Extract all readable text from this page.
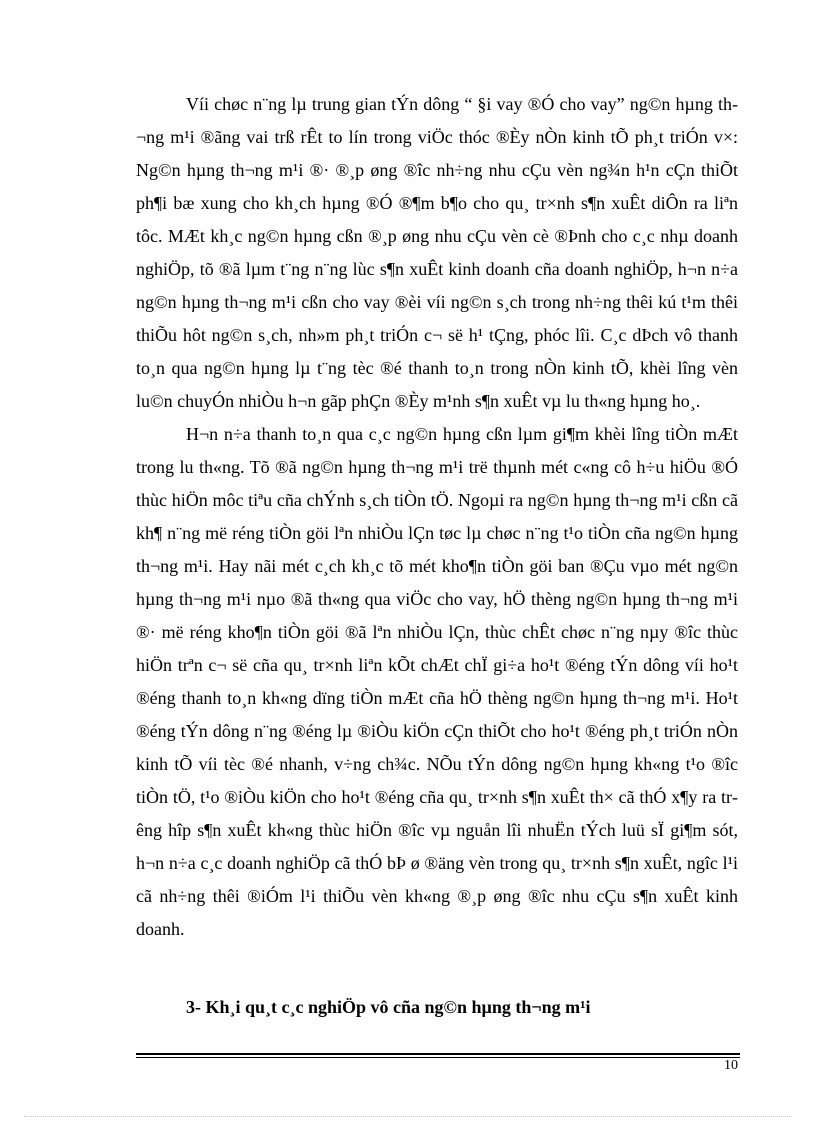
Víi chøc n¨ng lµ trung gian tÝn dông “ §i vay ®Ó cho vay” ng©n hµng th¬ng m¹i ®ãng vai trß rÊt to lín trong viÖc thóc ®Èy nÒn kinh tÕ ph¸t triÓn v×: Ng©n hµng th¬ng m¹i ®· ®¸p øng ®îc nh÷ng nhu cÇu vèn ng¾n h¹n cÇn thiÕt ph¶i bæ xung cho kh¸ch hµng ®Ó ®¶m b¶o cho qu¸ tr×nh s¶n xuÊt diÔn ra liªn tôc. MÆt kh¸c ng©n hµng cßn ®¸p øng nhu cÇu vèn cè ®Þnh cho c¸c nhµ doanh nghiÖp, tõ ®ã lµm t¨ng n¨ng lùc s¶n xuÊt kinh doanh cña doanh nghiÖp, h¬n n÷a ng©n hµng th¬ng m¹i cßn cho vay ®èi víi ng©n s¸ch trong nh÷ng thêi kú t¹m thêi thiÕu hôt ng©n s¸ch, nh»m ph¸t triÓn c¬ së h¹ tÇng, phóc lîi. C¸c dÞch vô thanh to¸n qua ng©n hµng lµ t¨ng tèc ®é thanh to¸n trong nÒn kinh tÕ, khèi lîng vèn lu©n chuyÓn nhiÒu h¬n gãp phÇn ®Èy m¹nh s¶n xuÊt vµ lu th«ng hµng ho¸.

H¬n n÷a thanh to¸n qua c¸c ng©n hµng cßn lµm gi¶m khèi lîng tiÒn mÆt trong lu th«ng. Tõ ®ã ng©n hµng th¬ng m¹i trë thµnh mét c«ng cô h÷u hiÖu ®Ó thùc hiÖn môc tiªu cña chÝnh s¸ch tiÒn tÖ. Ngoµi ra ng©n hµng th¬ng m¹i cßn cã kh¶ n¨ng më réng tiÒn göi lªn nhiÒu lÇn tøc lµ chøc n¨ng t¹o tiÒn cña ng©n hµng th¬ng m¹i. Hay nãi mét c¸ch kh¸c tõ mét kho¶n tiÒn göi ban ®Çu vµo mét ng©n hµng th¬ng m¹i nµo ®ã th«ng qua viÖc cho vay, hÖ thèng ng©n hµng th¬ng m¹i ®· më réng kho¶n tiÒn göi ®ã lªn nhiÒu lÇn, thùc chÊt chøc n¨ng nµy ®îc thùc hiÖn trªn c¬ së cña qu¸ tr×nh liªn kÕt chÆt chÏ gi÷a ho¹t ®éng tÝn dông víi ho¹t ®éng thanh to¸n kh«ng dïng tiÒn mÆt cña hÖ thèng ng©n hµng th¬ng m¹i. Ho¹t ®éng tÝn dông n¨ng ®éng lµ ®iÒu kiÖn cÇn thiÕt cho ho¹t ®éng ph¸t triÓn nÒn kinh tÕ víi tèc ®é nhanh, v÷ng ch¾c. NÕu tÝn dông ng©n hµng kh«ng t¹o ®îc tiÒn tÖ, t¹o ®iÒu kiÖn cho ho¹t ®éng cña qu¸ tr×nh s¶n xuÊt th× cã thÓ x¶y ra trêng hîp s¶n xuÊt kh«ng thùc hiÖn ®îc vµ nguån lîi nhuËn tÝch luü sÏ gi¶m sót, h¬n n÷a c¸c doanh nghiÖp cã thÓ bÞ ø ®äng vèn trong qu¸ tr×nh s¶n xuÊt, ngîc l¹i cã nh÷ng thêi ®iÓm l¹i thiÕu vèn kh«ng ®¸p øng ®îc nhu cÇu s¶n xuÊt kinh doanh.

3- Kh¸i qu¸t c¸c nghiÖp vô cña ng©n hµng th¬ng m¹i

10
